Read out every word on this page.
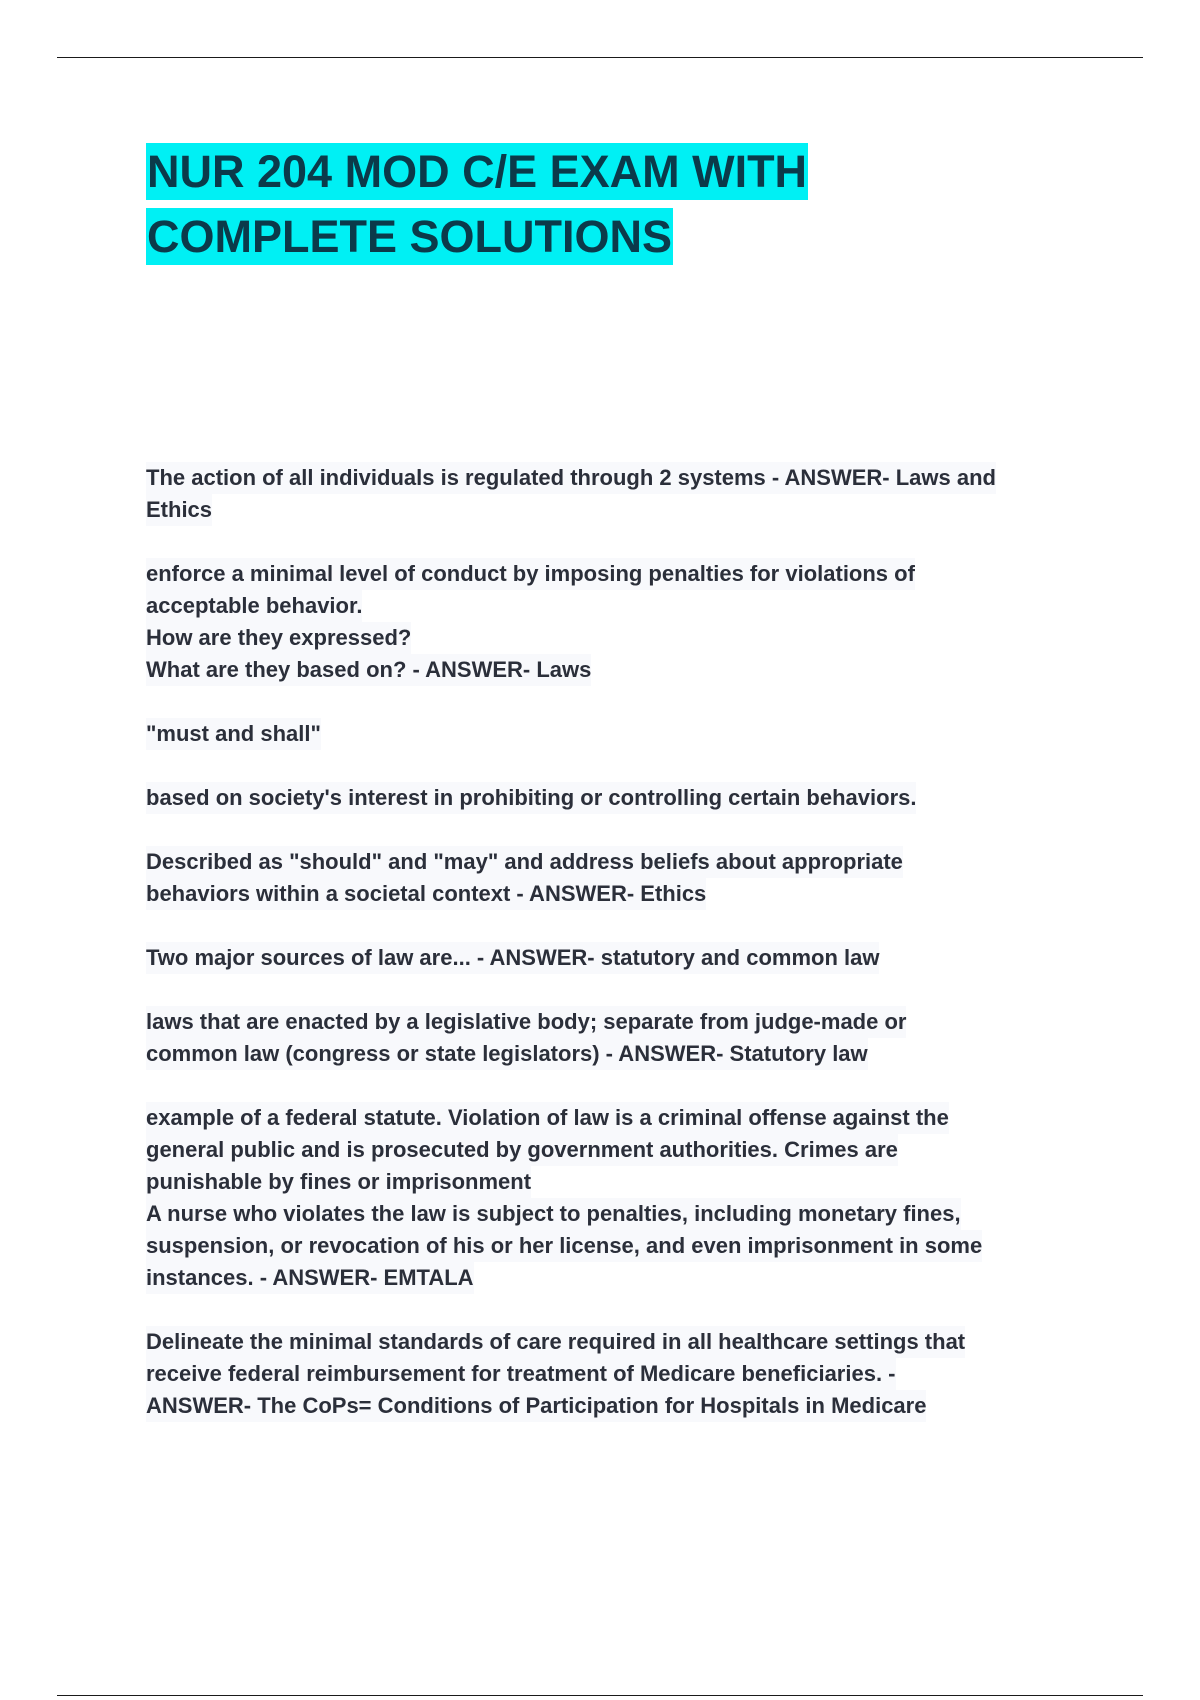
NUR 204 MOD C/E EXAM WITH
COMPLETE SOLUTIONS
The action of all individuals is regulated through 2 systems - ANSWER- Laws and
Ethics
enforce a minimal level of conduct by imposing penalties for violations of
acceptable behavior.
How are they expressed?
What are they based on? - ANSWER- Laws
"must and shall"
based on society's interest in prohibiting or controlling certain behaviors.
Described as "should" and "may" and address beliefs about appropriate
behaviors within a societal context - ANSWER- Ethics
Two major sources of law are... - ANSWER- statutory and common law
laws that are enacted by a legislative body; separate from judge-made or
common law (congress or state legislators) - ANSWER- Statutory law
example of a federal statute. Violation of law is a criminal offense against the
general public and is prosecuted by government authorities. Crimes are
punishable by fines or imprisonment
A nurse who violates the law is subject to penalties, including monetary fines,
suspension, or revocation of his or her license, and even imprisonment in some
instances. - ANSWER- EMTALA
Delineate the minimal standards of care required in all healthcare settings that
receive federal reimbursement for treatment of Medicare beneficiaries. -
ANSWER- The CoPs= Conditions of Participation for Hospitals in Medicare
